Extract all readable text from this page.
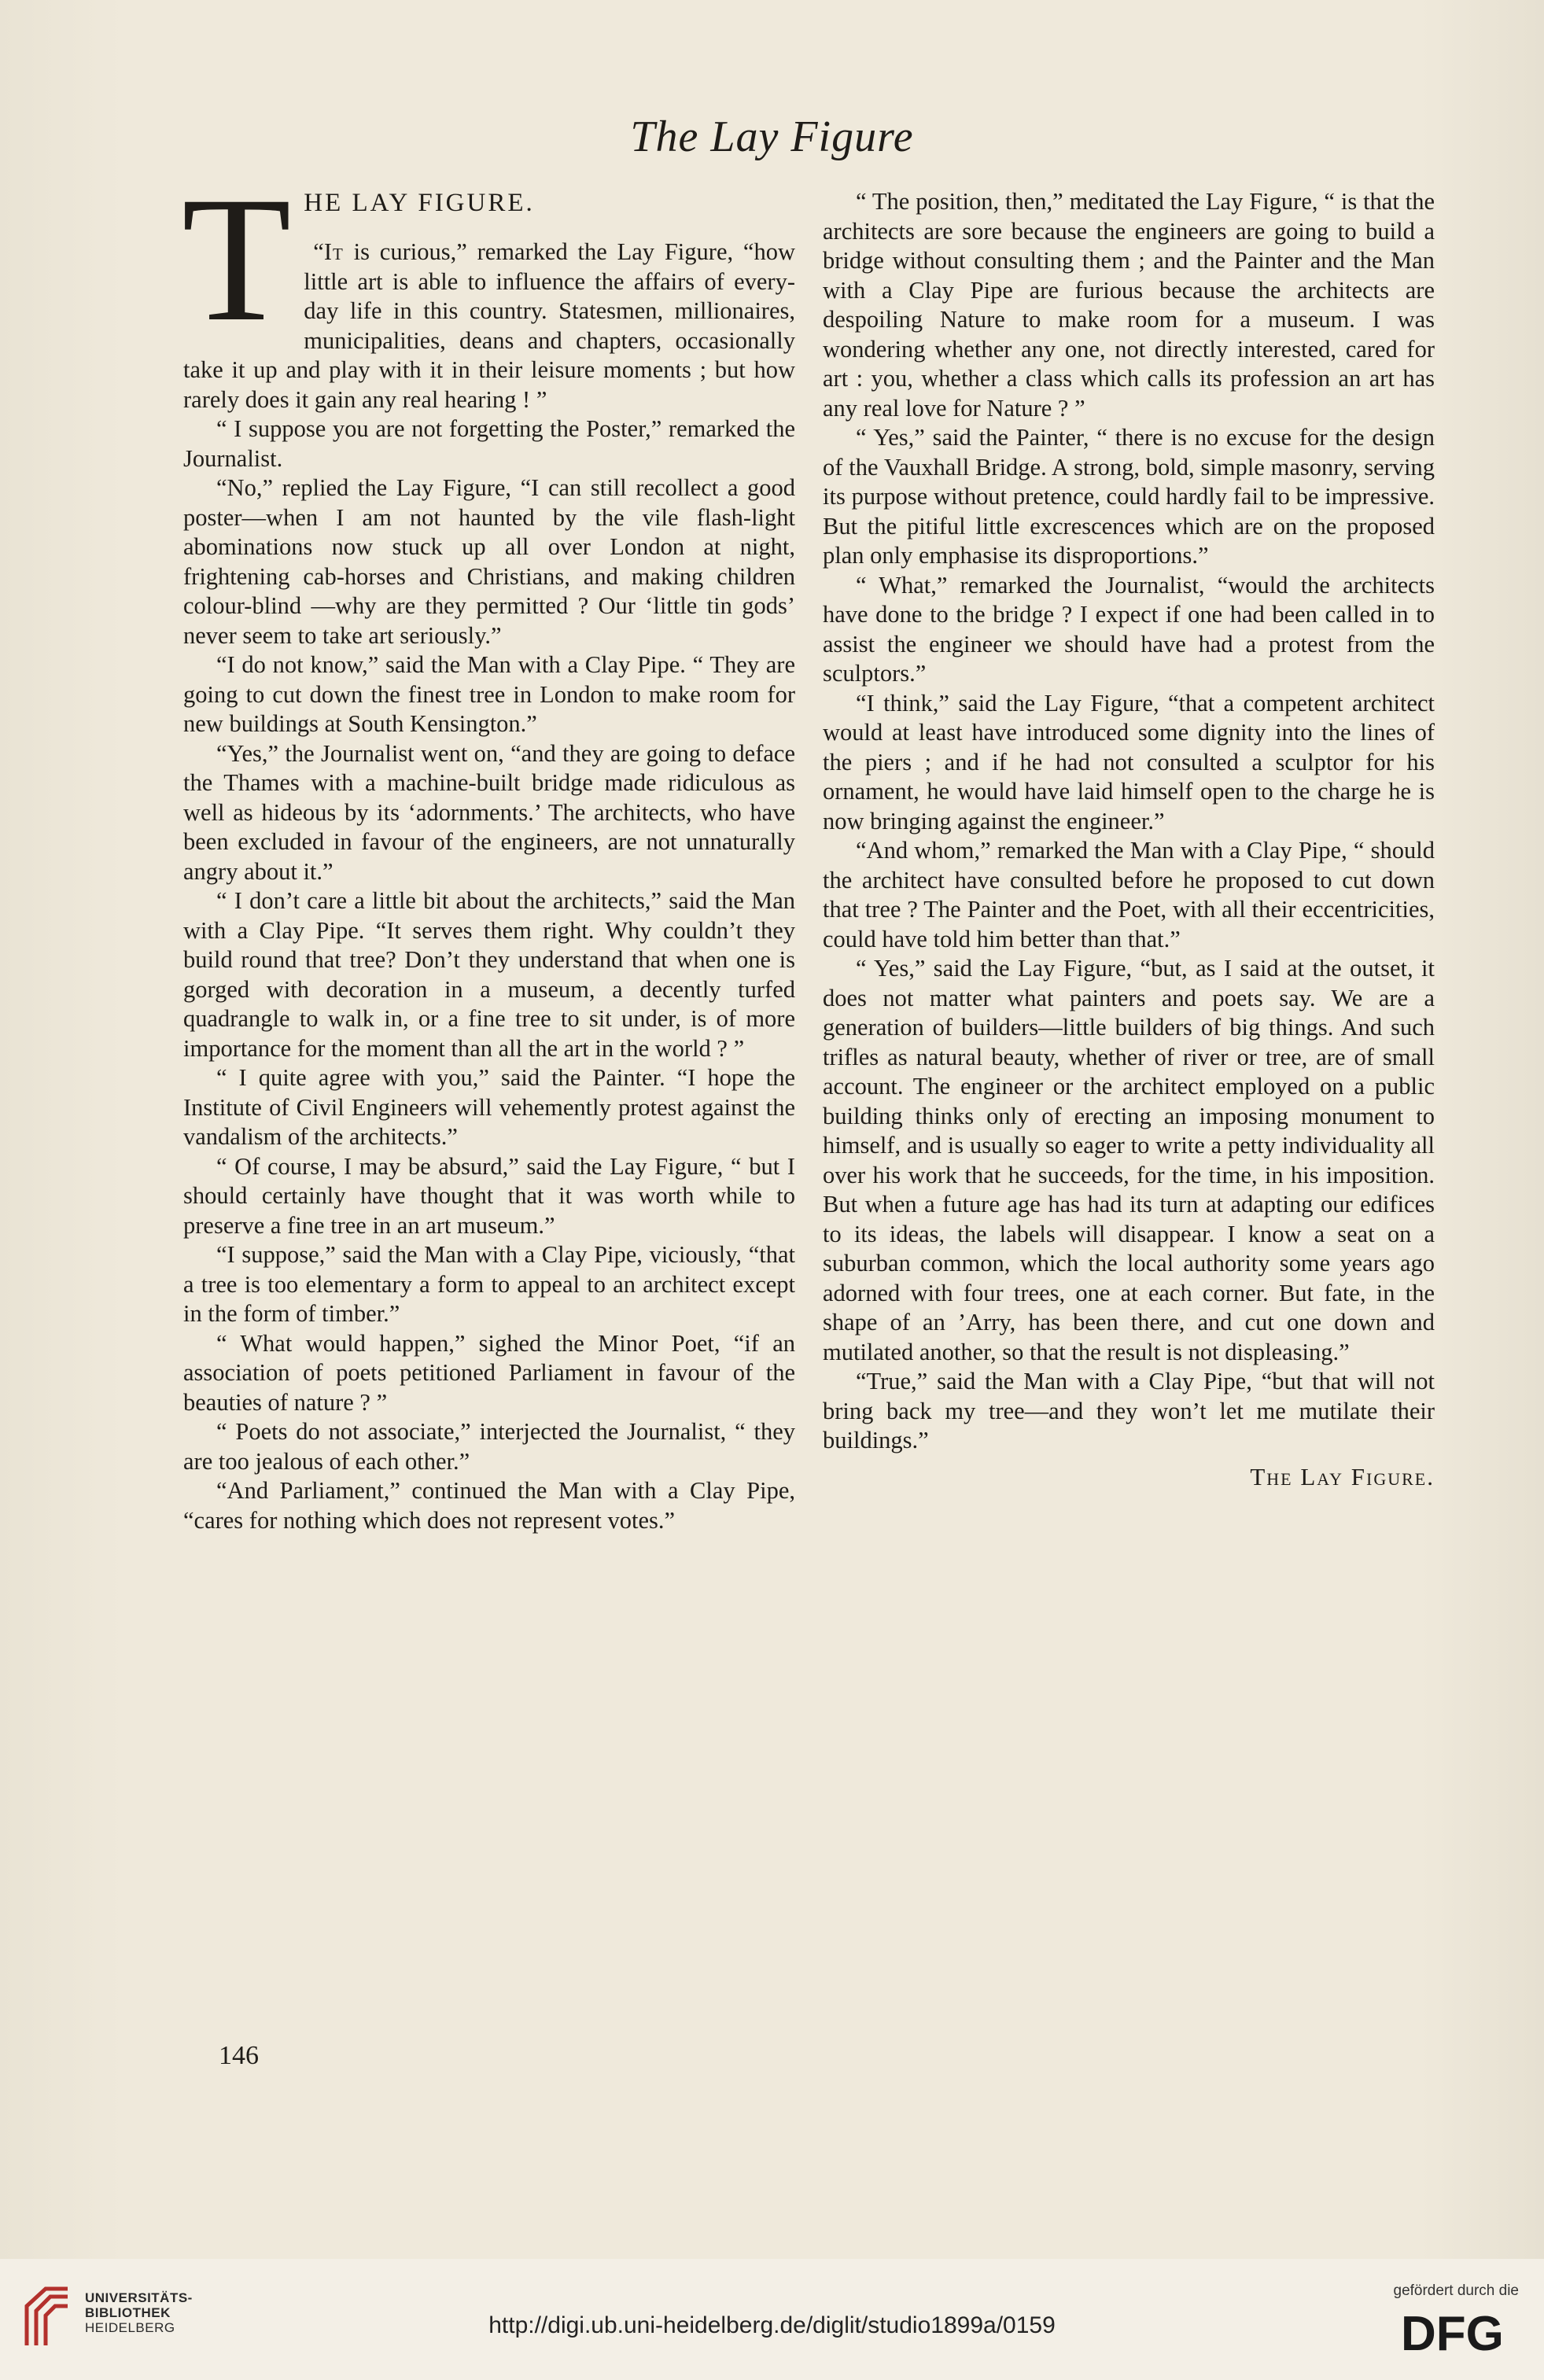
The Lay Figure

T HE LAY FIGURE.
“It is curious,” remarked the Lay Figure, “how little art is able to influence the affairs of every-day life in this country. Statesmen, millionaires, municipalities, deans and chapters, occasionally take it up and play with it in their leisure moments ; but how rarely does it gain any real hearing ! ”

“ I suppose you are not forgetting the Poster,” remarked the Journalist.

“No,” replied the Lay Figure, “I can still recollect a good poster—when I am not haunted by the vile flash-light abominations now stuck up all over London at night, frightening cab-horses and Christians, and making children colour-blind —why are they permitted ? Our ‘little tin gods’ never seem to take art seriously.”

“I do not know,” said the Man with a Clay Pipe. “ They are going to cut down the finest tree in London to make room for new buildings at South Kensington.”

“Yes,” the Journalist went on, “and they are going to deface the Thames with a machine-built bridge made ridiculous as well as hideous by its ‘adornments.’ The architects, who have been excluded in favour of the engineers, are not unnaturally angry about it.”

“ I don’t care a little bit about the architects,” said the Man with a Clay Pipe. “It serves them right. Why couldn’t they build round that tree? Don’t they understand that when one is gorged with decoration in a museum, a decently turfed quadrangle to walk in, or a fine tree to sit under, is of more importance for the moment than all the art in the world ? ”

“ I quite agree with you,” said the Painter. “I hope the Institute of Civil Engineers will vehemently protest against the vandalism of the architects.”

“ Of course, I may be absurd,” said the Lay Figure, “ but I should certainly have thought that it was worth while to preserve a fine tree in an art museum.”

“I suppose,” said the Man with a Clay Pipe, viciously, “that a tree is too elementary a form to appeal to an architect except in the form of timber.”

“ What would happen,” sighed the Minor Poet, “if an association of poets petitioned Parliament in favour of the beauties of nature ? ”

“ Poets do not associate,” interjected the Journalist, “ they are too jealous of each other.”

“And Parliament,” continued the Man with a Clay Pipe, “cares for nothing which does not represent votes.”

“ The position, then,” meditated the Lay Figure, “ is that the architects are sore because the engineers are going to build a bridge without consulting them ; and the Painter and the Man with a Clay Pipe are furious because the architects are despoiling Nature to make room for a museum. I was wondering whether any one, not directly interested, cared for art : you, whether a class which calls its profession an art has any real love for Nature ? ”

“ Yes,” said the Painter, “ there is no excuse for the design of the Vauxhall Bridge. A strong, bold, simple masonry, serving its purpose without pretence, could hardly fail to be impressive. But the pitiful little excrescences which are on the proposed plan only emphasise its disproportions.”

“ What,” remarked the Journalist, “would the architects have done to the bridge ? I expect if one had been called in to assist the engineer we should have had a protest from the sculptors.”

“I think,” said the Lay Figure, “that a competent architect would at least have introduced some dignity into the lines of the piers ; and if he had not consulted a sculptor for his ornament, he would have laid himself open to the charge he is now bringing against the engineer.”

“And whom,” remarked the Man with a Clay Pipe, “ should the architect have consulted before he proposed to cut down that tree ? The Painter and the Poet, with all their eccentricities, could have told him better than that.”

“ Yes,” said the Lay Figure, “but, as I said at the outset, it does not matter what painters and poets say. We are a generation of builders—little builders of big things. And such trifles as natural beauty, whether of river or tree, are of small account. The engineer or the architect employed on a public building thinks only of erecting an imposing monument to himself, and is usually so eager to write a petty individuality all over his work that he succeeds, for the time, in his imposition. But when a future age has had its turn at adapting our edifices to its ideas, the labels will disappear. I know a seat on a suburban common, which the local authority some years ago adorned with four trees, one at each corner. But fate, in the shape of an ’Arry, has been there, and cut one down and mutilated another, so that the result is not displeasing.”

“True,” said the Man with a Clay Pipe, “but that will not bring back my tree—and they won’t let me mutilate their buildings.”

The Lay Figure.
146
UNIVERSITÄTS-
BIBLIOTHEK
HEIDELBERG	http://digi.ub.uni-heidelberg.de/diglit/studio1899a/0159
gefördert durch die
DFG
